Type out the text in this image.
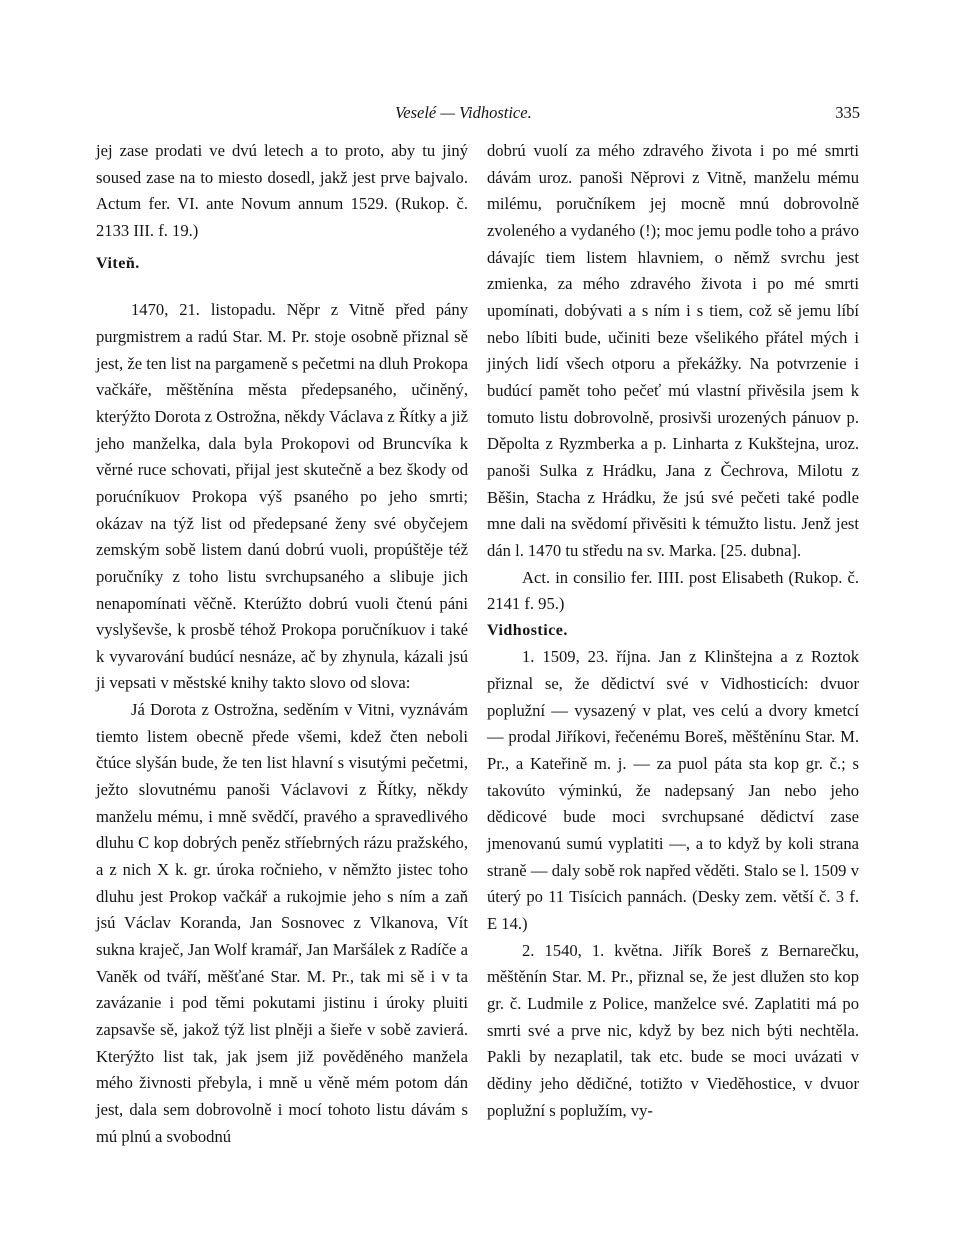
Veselé — Vidhostice.	335

jej zase prodati ve dvú letech a to proto, aby tu jiný soused zase na to miesto dosedl, jakž jest prve bajvalo. Actum fer. VI. ante Novum annum 1529. (Rukop. č. 2133 III. f. 19.)

Viteň.

1470, 21. listopadu. Něpr z Vitně před pány purgmistrem a radú Star. M. Pr. stoje osobně přiznal sě jest, že ten list na pargameně s pečetmi na dluh Prokopa vačkáře, měštěnína města předepsaného, učiněný, kterýžto Dorota z Ostrožna, někdy Václava z Řítky a již jeho manželka, dala byla Prokopovi od Bruncvíka k věrné ruce schovati, přijal jest skutečně a bez škody od porućníkuov Prokopa výš psaného po jeho smrti; okázav na týž list od předepsané ženy své obyčejem zemským sobě listem danú dobrú vuoli, propúštěje též poručníky z toho listu svrchupsaného a slibuje jich nenapomínati věčně. Kterúžto dobrú vuoli čtenú páni vyslyševše, k prosbě téhož Prokopa poručníkuov i také k vyvarování budúcí nesnáze, ač by zhynula, kázali jsú ji vepsati v městské knihy takto slovo od slova:

Já Dorota z Ostrožna, seděním v Vitni, vyznávám tiemto listem obecně přede všemi, kdež čten neboli čtúce slyšán bude, že ten list hlavní s visutými pečetmi, ježto slovutnému panoši Václavovi z Řítky, někdy manželu mému, i mně svědčí, pravého a spravedlivého dluhu C kop dobrých peněz stříebrných rázu pražského, a z nich X k. gr. úroka ročnieho, v němžto jistec toho dluhu jest Prokop vačkář a rukojmie jeho s ním a zaň jsú Václav Koranda, Jan Sosnovec z Vlkanova, Vít sukna kraječ, Jan Wolf kramář, Jan Maršálek z Radíče a Vaněk od tváří, měšťané Star. M. Pr., tak mi sě i v ta zavázanie i pod těmi pokutami jistinu i úroky pluiti zapsavše sě, jakož týž list plněji a šieře v sobě zavierá. Kterýžto list tak, jak jsem již pověděného manžela mého živnosti přebyla, i mně u věně mém potom dán jest, dala sem dobrovolně i mocí tohoto listu dávám s mú plnú a svobodnú

dobrú vuolí za mého zdravého života i po mé smrti dávám uroz. panoši Něprovi z Vitně, manželu mému milému, poručníkem jej mocně mnú dobrovolně zvoleného a vydaného (!); moc jemu podle toho a právo dávajíc tiem listem hlavniem, o němž svrchu jest zmienka, za mého zdravého života i po mé smrti upomínati, dobývati a s ním i s tiem, což sě jemu líbí nebo líbiti bude, učiniti beze všelikého přátel mých i jiných lidí všech otporu a překážky. Na potvrzenie i budúcí pamět toho pečeť mú vlastní přivěsila jsem k tomuto listu dobrovolně, prosivši urozených pánuov p. Děpolta z Ryzmberka a p. Linharta z Kukštejna, uroz. panoši Sulka z Hrádku, Jana z Čechrova, Milotu z Běšin, Stacha z Hrádku, že jsú své pečeti také podle mne dali na svědomí přivěsiti k témužto listu. Jenž jest dán l. 1470 tu středu na sv. Marka. [25. dubna].

Act. in consilio fer. IIII. post Elisabeth (Rukop. č. 2141 f. 95.)

Vidhostice.

1. 1509, 23. října. Jan z Klinštejna a z Roztok přiznal se, že dědictví své v Vidhosticích: dvuor poplužní — vysazený v plat, ves celú a dvory kmetcí — prodal Jiříkovi, řečenému Boreš, měštěnínu Star. M. Pr., a Kateřině m. j. — za puol páta sta kop gr. č.; s takovúto výminkú, že nadepsaný Jan nebo jeho dědicové bude moci svrchupsané dědictví zase jmenovanú sumú vyplatiti —, a to když by koli strana straně — daly sobě rok napřed věděti. Stalo se l. 1509 v úterý po 11 Tisícich pannách. (Desky zem. větší č. 3 f. E 14.)

2. 1540, 1. května. Jiřík Boreš z Bernarečku, měštěnín Star. M. Pr., přiznal se, že jest dlužen sto kop gr. č. Ludmile z Police, manželce své. Zaplatiti má po smrti své a prve nic, když by bez nich býti nechtěla. Pakli by nezaplatil, tak etc. bude se moci uvázati v dědiny jeho dědičné, totižto v Viedĕhostice, v dvuor poplužní s poplužím, vy-
